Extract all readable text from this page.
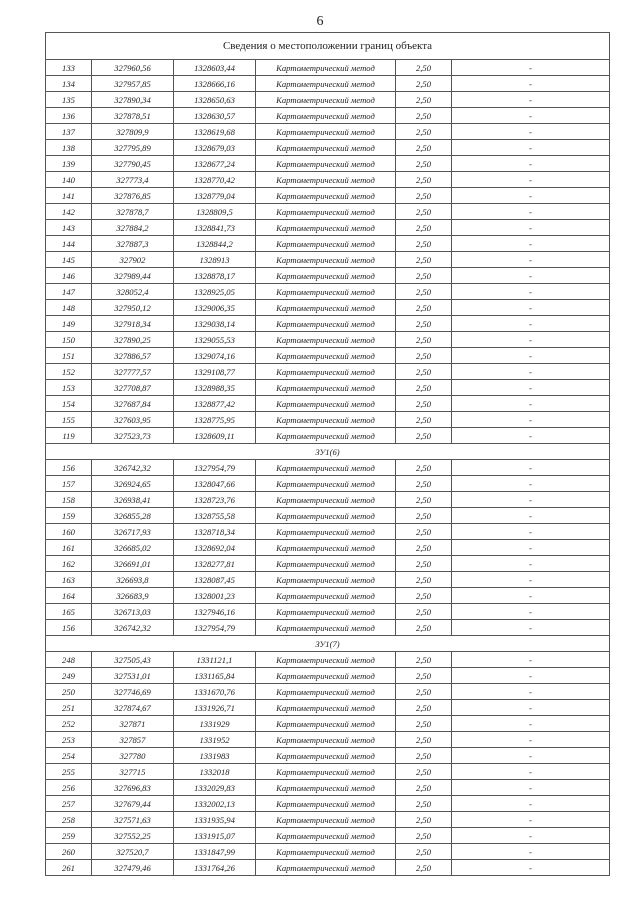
6
Сведения о местоположении границ объекта					
133	327960,56	1328603,44	Картометрический метод	2,50	-
134	327957,85	1328666,16	Картометрический метод	2,50	-
135	327890,34	1328650,63	Картометрический метод	2,50	-
136	327878,51	1328630,57	Картометрический метод	2,50	-
137	327809,9	1328619,68	Картометрический метод	2,50	-
138	327795,89	1328679,03	Картометрический метод	2,50	-
139	327790,45	1328677,24	Картометрический метод	2,50	-
140	327773,4	1328770,42	Картометрический метод	2,50	-
141	327876,85	1328779,04	Картометрический метод	2,50	-
142	327878,7	1328809,5	Картометрический метод	2,50	-
143	327884,2	1328841,73	Картометрический метод	2,50	-
144	327887,3	1328844,2	Картометрический метод	2,50	-
145	327902	1328913	Картометрический метод	2,50	-
146	327989,44	1328878,17	Картометрический метод	2,50	-
147	328052,4	1328925,05	Картометрический метод	2,50	-
148	327950,12	1329006,35	Картометрический метод	2,50	-
149	327918,34	1329038,14	Картометрический метод	2,50	-
150	327890,25	1329055,53	Картометрический метод	2,50	-
151	327886,57	1329074,16	Картометрический метод	2,50	-
152	327777,57	1329108,77	Картометрический метод	2,50	-
153	327708,87	1328988,35	Картометрический метод	2,50	-
154	327687,84	1328877,42	Картометрический метод	2,50	-
155	327603,95	1328775,95	Картометрический метод	2,50	-
119	327523,73	1328609,11	Картометрический метод	2,50	-
ЗУ1(6)					
156	326742,32	1327954,79	Картометрический метод	2,50	-
157	326924,65	1328047,66	Картометрический метод	2,50	-
158	326938,41	1328723,76	Картометрический метод	2,50	-
159	326855,28	1328755,58	Картометрический метод	2,50	-
160	326717,93	1328718,34	Картометрический метод	2,50	-
161	326685,02	1328692,04	Картометрический метод	2,50	-
162	326691,01	1328277,81	Картометрический метод	2,50	-
163	326693,8	1328087,45	Картометрический метод	2,50	-
164	326683,9	1328001,23	Картометрический метод	2,50	-
165	326713,03	1327946,16	Картометрический метод	2,50	-
156	326742,32	1327954,79	Картометрический метод	2,50	-
ЗУ1(7)					
248	327505,43	1331121,1	Картометрический метод	2,50	-
249	327531,01	1331165,84	Картометрический метод	2,50	-
250	327746,69	1331670,76	Картометрический метод	2,50	-
251	327874,67	1331926,71	Картометрический метод	2,50	-
252	327871	1331929	Картометрический метод	2,50	-
253	327857	1331952	Картометрический метод	2,50	-
254	327780	1331983	Картометрический метод	2,50	-
255	327715	1332018	Картометрический метод	2,50	-
256	327696,83	1332029,83	Картометрический метод	2,50	-
257	327679,44	1332002,13	Картометрический метод	2,50	-
258	327571,63	1331935,94	Картометрический метод	2,50	-
259	327552,25	1331915,07	Картометрический метод	2,50	-
260	327520,7	1331847,99	Картометрический метод	2,50	-
261	327479,46	1331764,26	Картометрический метод	2,50	-
